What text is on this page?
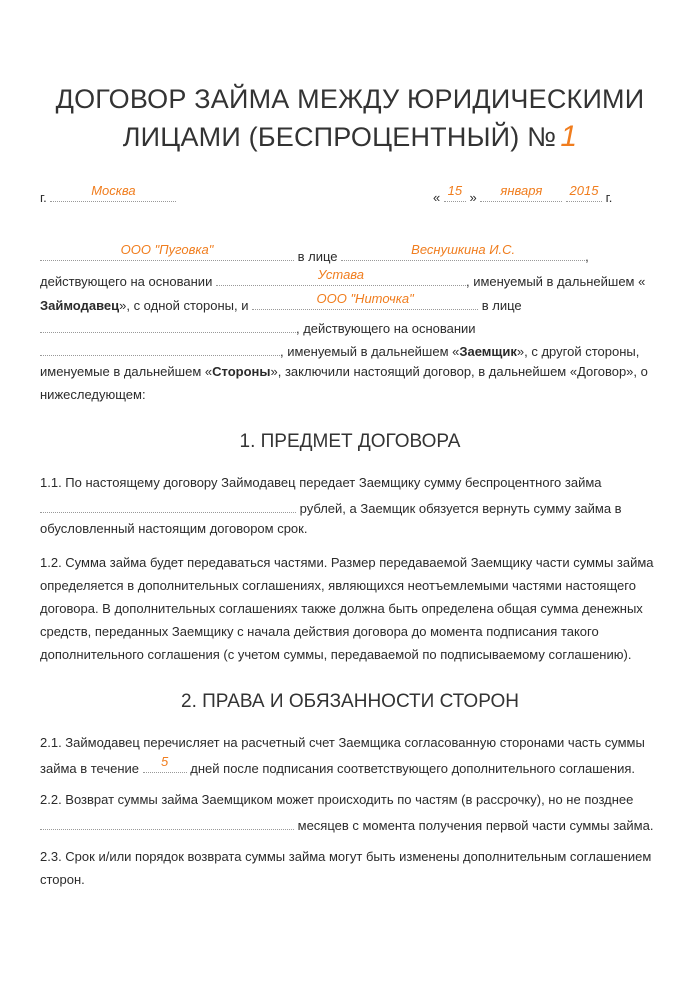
ДОГОВОР ЗАЙМА МЕЖДУ ЮРИДИЧЕСКИМИ
ЛИЦАМИ (БЕСПРОЦЕНТНЫЙ) № 1
г.	Москва	« 15 »	января
	2015 г.
ООО "Пуговка"	в лице	Веснушкина И.С.	,
действующего на основании	Устава	, именуемый в дальнейшем «
Займодавец», с одной стороны, и	ООО "Ниточка"	в лице
, действующего на основании
, именуемый в дальнейшем «Заемщик», с другой стороны,
именуемые в дальнейшем «Стороны», заключили настоящий договор, в дальнейшем «Договор», о
нижеследующем:
1. ПРЕДМЕТ ДОГОВОРА
1.1. По настоящему договору Займодавец передает Заемщику сумму беспроцентного займа
рублей, а Заемщик обязуется вернуть сумму займа в
обусловленный настоящим договором срок.
1.2. Сумма займа будет передаваться частями. Размер передаваемой Заемщику части суммы займа
определяется в дополнительных соглашениях, являющихся неотъемлемыми частями настоящего
договора. В дополнительных соглашениях также должна быть определена общая сумма денежных
средств, переданных Заемщику с начала действия договора до момента подписания такого
дополнительного соглашения (с учетом суммы, передаваемой по подписываемому соглашению).
2. ПРАВА И ОБЯЗАННОСТИ СТОРОН
2.1. Займодавец перечисляет на расчетный счет Заемщика согласованную сторонами часть суммы
займа в течение	5	дней после подписания соответствующего дополнительного соглашения.
2.2. Возврат суммы займа Заемщиком может происходить по частям (в рассрочку), но не позднее
месяцев с момента получения первой части суммы займа.
2.3. Срок и/или порядок возврата суммы займа могут быть изменены дополнительным соглашением
сторон.
